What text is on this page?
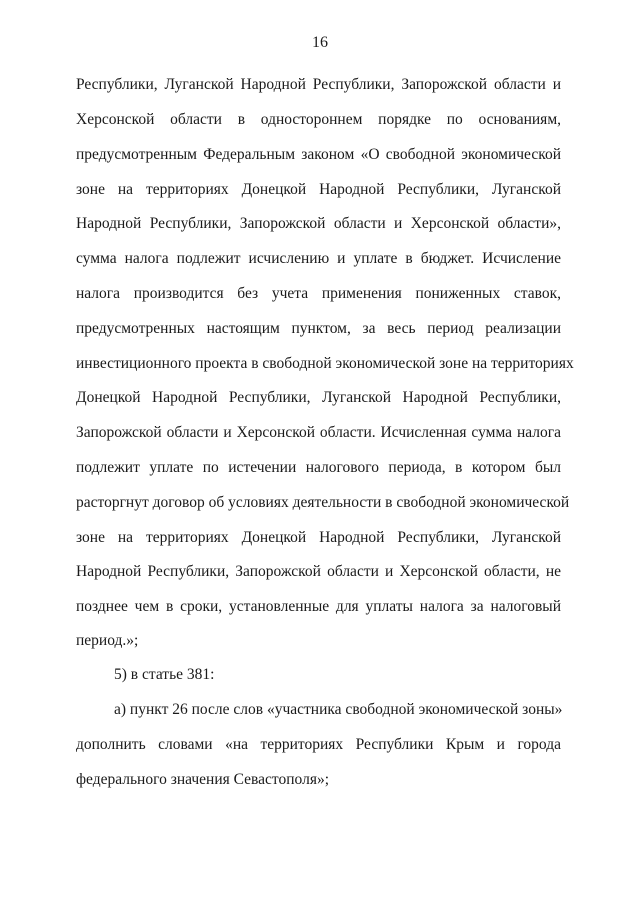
16
Республики, Луганской Народной Республики, Запорожской области и
Херсонской области в одностороннем порядке по основаниям,
предусмотренным Федеральным законом «О свободной экономической
зоне на территориях Донецкой Народной Республики, Луганской
Народной Республики, Запорожской области и Херсонской области»,
сумма налога подлежит исчислению и уплате в бюджет. Исчисление
налога производится без учета применения пониженных ставок,
предусмотренных настоящим пунктом, за весь период реализации
инвестиционного проекта в свободной экономической зоне на территориях
Донецкой Народной Республики, Луганской Народной Республики,
Запорожской области и Херсонской области. Исчисленная сумма налога
подлежит уплате по истечении налогового периода, в котором был
расторгнут договор об условиях деятельности в свободной экономической
зоне на территориях Донецкой Народной Республики, Луганской
Народной Республики, Запорожской области и Херсонской области, не
позднее чем в сроки, установленные для уплаты налога за налоговый
период.»;
5) в статье 381:
а) пункт 26 после слов «участника свободной экономической зоны»
дополнить словами «на территориях Республики Крым и города
федерального значения Севастополя»;
